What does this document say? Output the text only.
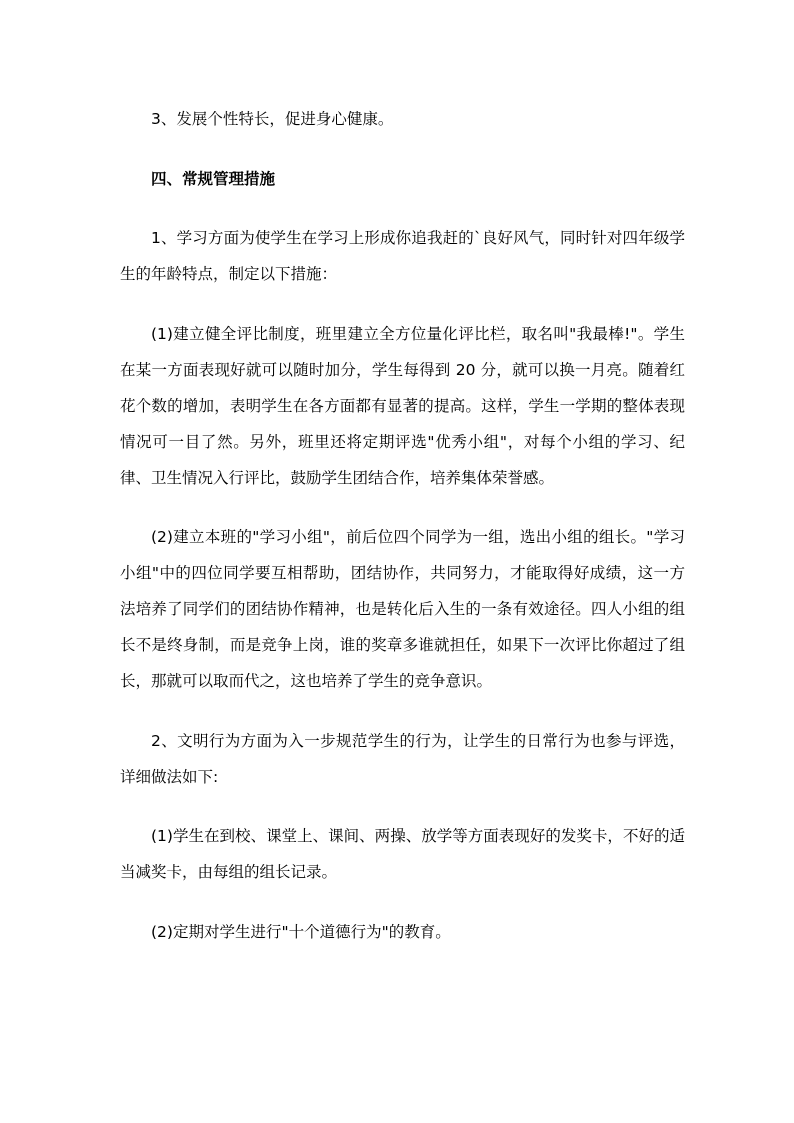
3、发展个性特长，促进身心健康。

四、常规管理措施

1、学习方面为使学生在学习上形成你追我赶的`良好风气，同时针对四年级学生的年龄特点，制定以下措施：

(1)建立健全评比制度，班里建立全方位量化评比栏，取名叫"我最棒!"。学生在某一方面表现好就可以随时加分，学生每得到 20 分，就可以换一月亮。随着红花个数的增加，表明学生在各方面都有显著的提高。这样，学生一学期的整体表现情况可一目了然。另外，班里还将定期评选"优秀小组"，对每个小组的学习、纪律、卫生情况入行评比，鼓励学生团结合作，培养集体荣誉感。

(2)建立本班的"学习小组"，前后位四个同学为一组，选出小组的组长。"学习小组"中的四位同学要互相帮助，团结协作，共同努力，才能取得好成绩，这一方法培养了同学们的团结协作精神，也是转化后入生的一条有效途径。四人小组的组长不是终身制，而是竞争上岗，谁的奖章多谁就担任，如果下一次评比你超过了组长，那就可以取而代之，这也培养了学生的竞争意识。

2、文明行为方面为入一步规范学生的行为，让学生的日常行为也参与评选，详细做法如下:

(1)学生在到校、课堂上、课间、两操、放学等方面表现好的发奖卡，不好的适当减奖卡，由每组的组长记录。

(2)定期对学生进行"十个道德行为"的教育。
